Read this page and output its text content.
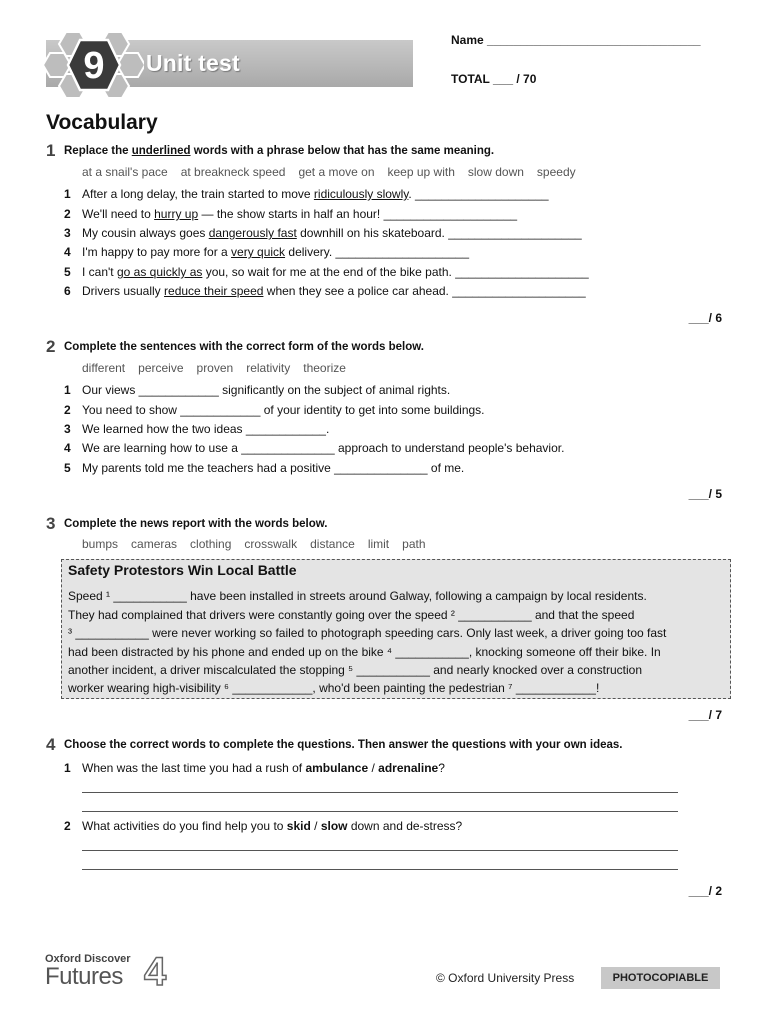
9 Unit test
Name ________________________________
TOTAL ___ / 70
Vocabulary
1 Replace the underlined words with a phrase below that has the same meaning.
at a snail's pace at breakneck speed get a move on keep up with slow down speedy
1 After a long delay, the train started to move ridiculously slowly. ____________________
2 We'll need to hurry up — the show starts in half an hour! ____________________
3 My cousin always goes dangerously fast downhill on his skateboard. ____________________
4 I'm happy to pay more for a very quick delivery. ____________________
5 I can't go as quickly as you, so wait for me at the end of the bike path. ____________________
6 Drivers usually reduce their speed when they see a police car ahead. ____________________
___/ 6
2 Complete the sentences with the correct form of the words below.
different perceive proven relativity theorize
1 Our views ____________ significantly on the subject of animal rights.
2 You need to show ____________ of your identity to get into some buildings.
3 We learned how the two ideas ____________.
4 We are learning how to use a ______________ approach to understand people's behavior.
5 My parents told me the teachers had a positive ______________ of me.
___/ 5
3 Complete the news report with the words below.
bumps cameras clothing crosswalk distance limit path
Safety Protestors Win Local Battle
Speed ¹ ___________ have been installed in streets around Galway, following a campaign by local residents.
They had complained that drivers were constantly going over the speed ² ___________ and that the speed
³ ___________ were never working so failed to photograph speeding cars. Only last week, a driver going too fast
had been distracted by his phone and ended up on the bike ⁴ ___________, knocking someone off their bike. In
another incident, a driver miscalculated the stopping ⁵ ___________ and nearly knocked over a construction
worker wearing high-visibility ⁶ ____________, who'd been painting the pedestrian ⁷ ____________!
___/ 7
4 Choose the correct words to complete the questions. Then answer the questions with your own ideas.
1 When was the last time you had a rush of ambulance / adrenaline?
2 What activities do you find help you to skid / slow down and de-stress?
___/ 2
Oxford Discover
Futures 4	© Oxford University Press	PHOTOCOPIABLE
